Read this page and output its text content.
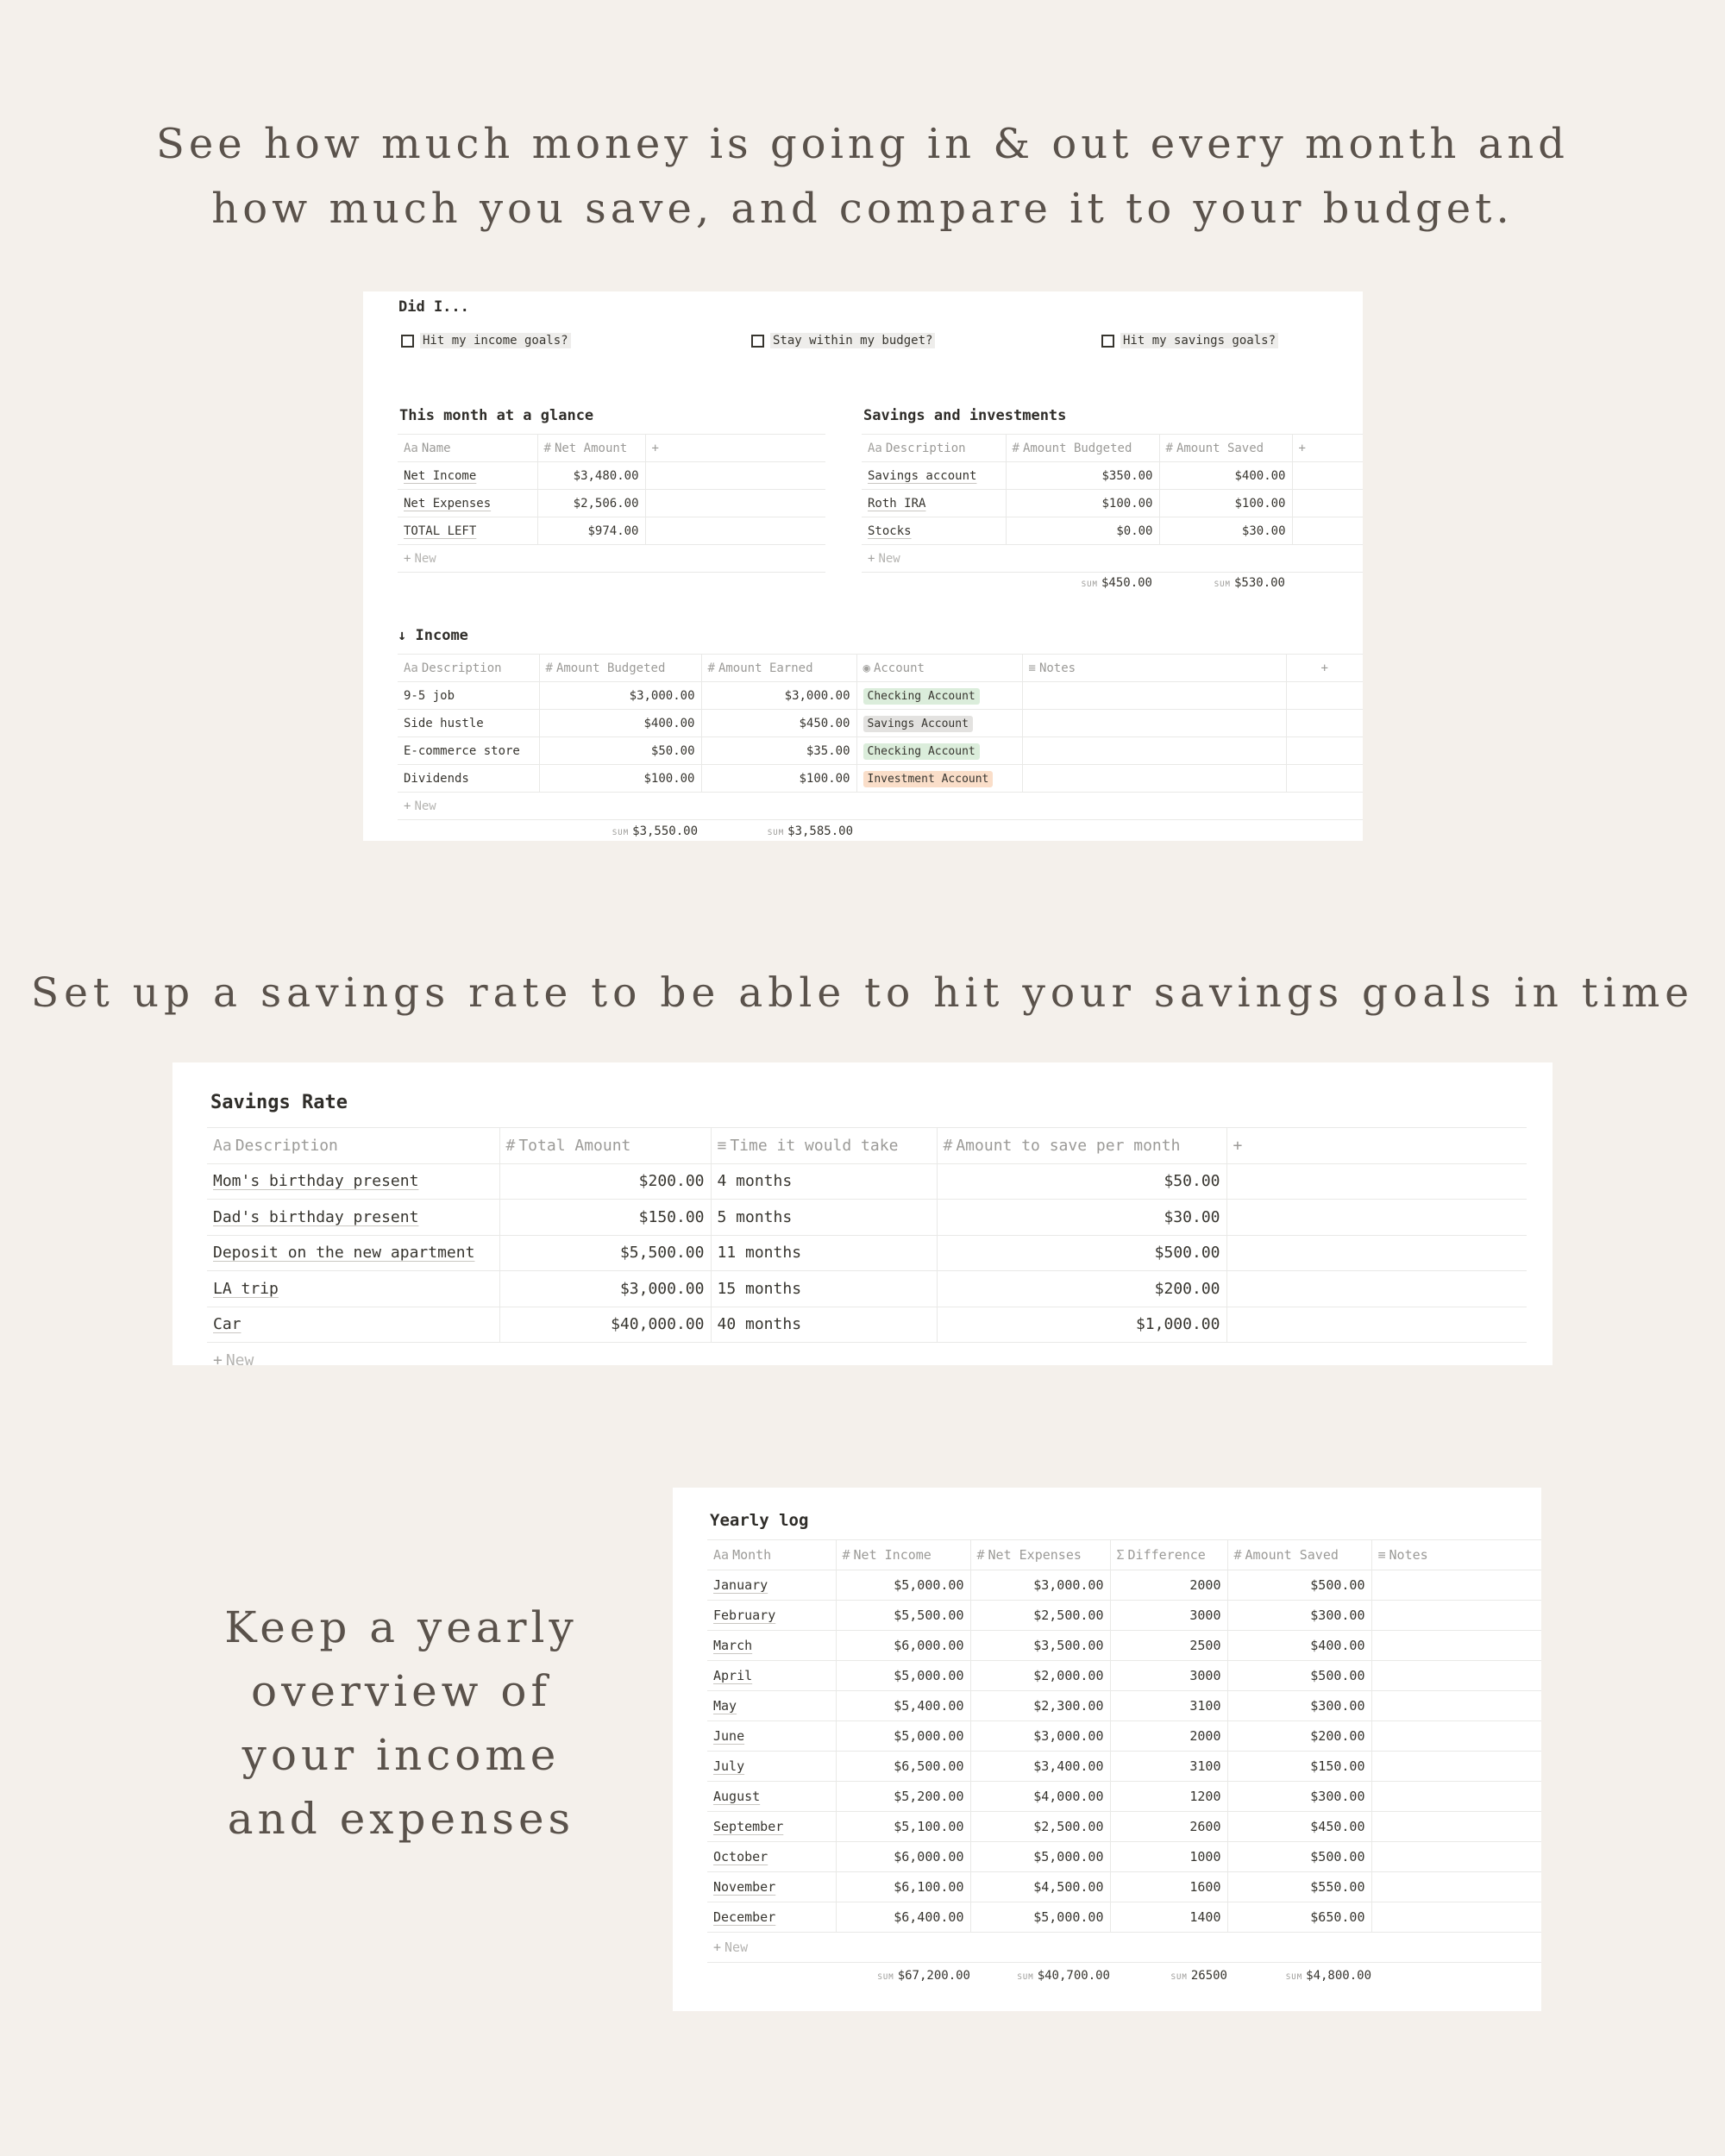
See how much money is going in & out every month and
how much you save, and compare it to your budget.
Did I...
Hit my income goals?	Stay within my budget?	Hit my savings goals?
This month at a glance
Aa Name	# Net Amount	+
Net Income	$3,480.00	
Net Expenses	$2,506.00	
TOTAL LEFT	$974.00	
+ New		
Savings and investments
Aa Description	# Amount Budgeted	# Amount Saved	+
Savings account	$350.00	$400.00	
Roth IRA	$100.00	$100.00	
Stocks	$0.00	$30.00	
+ New			
SUM $450.00	SUM $530.00
↓ Income
Aa Description	# Amount Budgeted	# Amount Earned	◉ Account	≡ Notes	+
9-5 job	$3,000.00	$3,000.00	Checking Account		
Side hustle	$400.00	$450.00	Savings Account		
E-commerce store	$50.00	$35.00	Checking Account		
Dividends	$100.00	$100.00	Investment Account		
+ New					
SUM $3,550.00	SUM $3,585.00
Set up a savings rate to be able to hit your savings goals in time
Savings Rate
Aa Description	# Total Amount	≡ Time it would take	# Amount to save per month	+
Mom's birthday present	$200.00	4 months	$50.00	
Dad's birthday present	$150.00	5 months	$30.00	
Deposit on the new apartment	$5,500.00	11 months	$500.00	
LA trip	$3,000.00	15 months	$200.00	
Car	$40,000.00	40 months	$1,000.00	
+ New				
Keep a yearly
overview of
your income
and expenses
Yearly log
Aa Month	# Net Income	# Net Expenses	Σ Difference	# Amount Saved	≡ Notes
January	$5,000.00	$3,000.00	2000	$500.00	
February	$5,500.00	$2,500.00	3000	$300.00	
March	$6,000.00	$3,500.00	2500	$400.00	
April	$5,000.00	$2,000.00	3000	$500.00	
May	$5,400.00	$2,300.00	3100	$300.00	
June	$5,000.00	$3,000.00	2000	$200.00	
July	$6,500.00	$3,400.00	3100	$150.00	
August	$5,200.00	$4,000.00	1200	$300.00	
September	$5,100.00	$2,500.00	2600	$450.00	
October	$6,000.00	$5,000.00	1000	$500.00	
November	$6,100.00	$4,500.00	1600	$550.00	
December	$6,400.00	$5,000.00	1400	$650.00	
+ New					
SUM $67,200.00	SUM $40,700.00	SUM 26500	SUM $4,800.00
